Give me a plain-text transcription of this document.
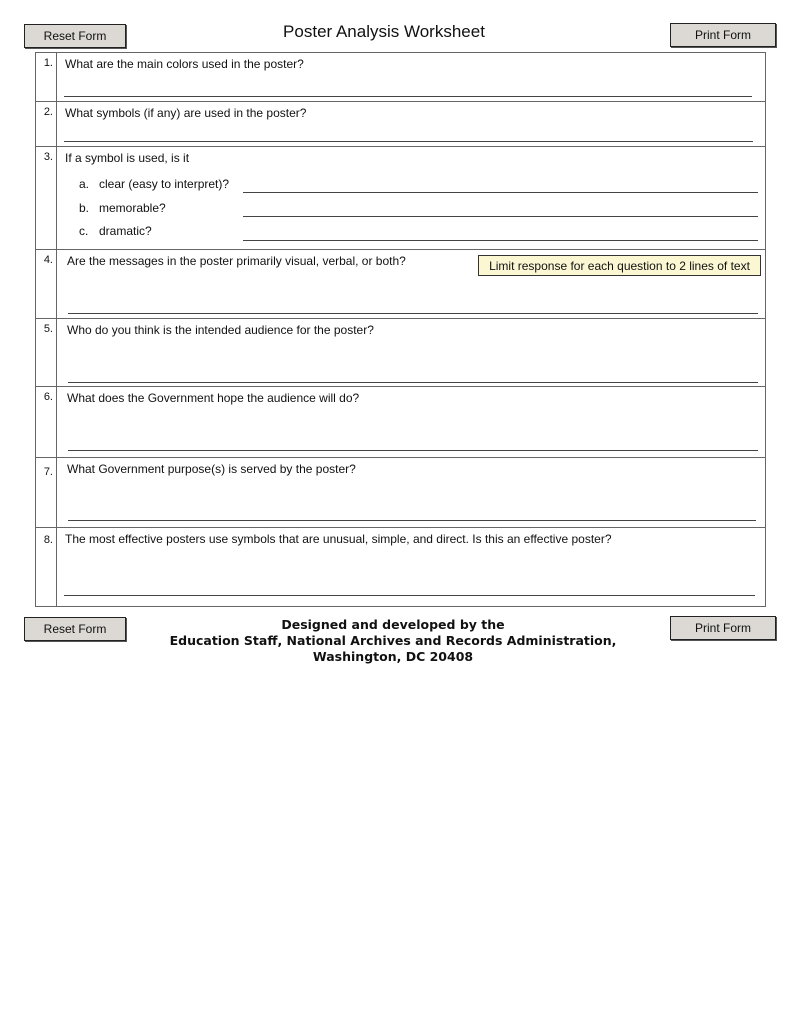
Reset Form	Poster Analysis Worksheet	Print Form
1.	What are the main colors used in the poster?
2.	What symbols (if any) are used in the poster?
3.	If a symbol is used, is it
a. clear (easy to interpret)?
b. memorable?
c. dramatic?
4.	Are the messages in the poster primarily visual, verbal, or both?	Limit response for each question to 2 lines of text
5.	Who do you think is the intended audience for the poster?
6.	What does the Government hope the audience will do?
7.	What Government purpose(s) is served by the poster?
8.	The most effective posters use symbols that are unusual, simple, and direct. Is this an effective poster?
Reset Form	Designed and developed by the
Education Staff, National Archives and Records Administration,
Washington, DC 20408
Print Form
